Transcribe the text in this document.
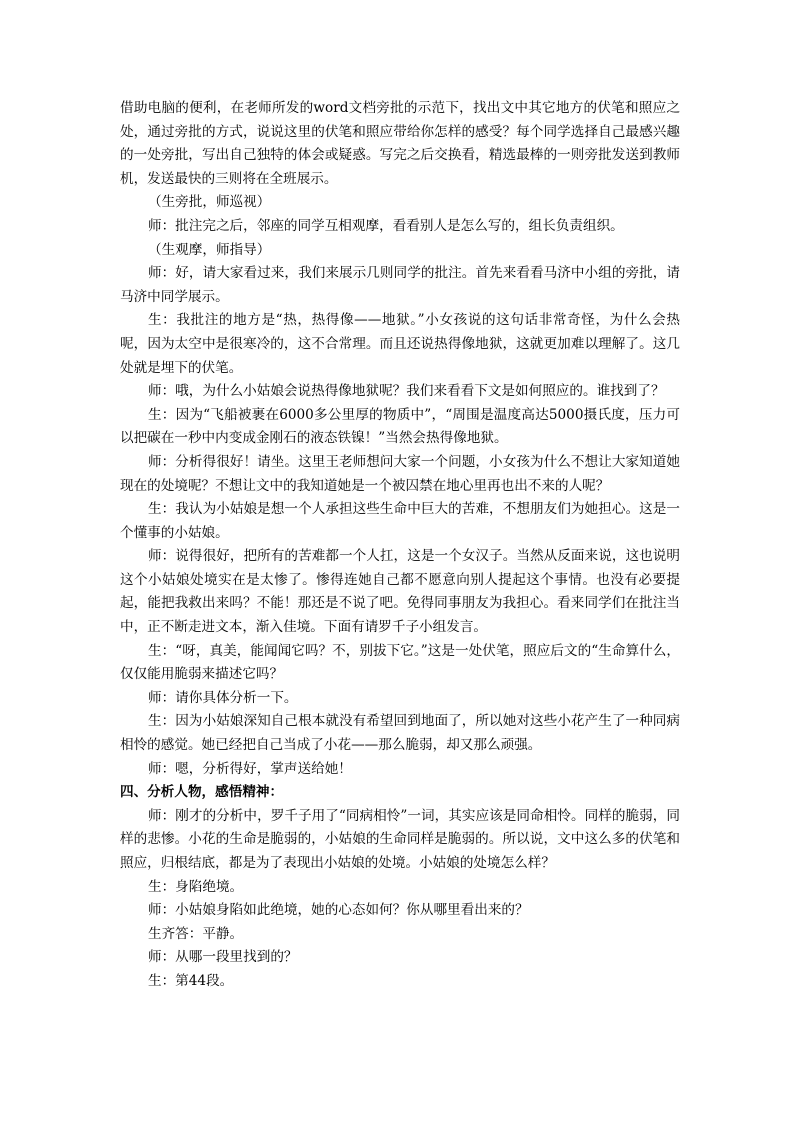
借助电脑的便利，在老师所发的word文档旁批的示范下，找出文中其它地方的伏笔和照应之处，通过旁批的方式，说说这里的伏笔和照应带给你怎样的感受？每个同学选择自己最感兴趣的一处旁批，写出自己独特的体会或疑惑。写完之后交换看，精选最棒的一则旁批发送到教师机，发送最快的三则将在全班展示。

（生旁批，师巡视）

师：批注完之后，邻座的同学互相观摩，看看别人是怎么写的，组长负责组织。

（生观摩，师指导）

师：好，请大家看过来，我们来展示几则同学的批注。首先来看看马济中小组的旁批，请马济中同学展示。

生：我批注的地方是“热，热得像——地狱。”小女孩说的这句话非常奇怪，为什么会热呢，因为太空中是很寒冷的，这不合常理。而且还说热得像地狱，这就更加难以理解了。这几处就是埋下的伏笔。

师：哦，为什么小姑娘会说热得像地狱呢？我们来看看下文是如何照应的。谁找到了？

生：因为“飞船被裹在6000多公里厚的物质中”，“周围是温度高达5000摄氏度，压力可以把碳在一秒中内变成金刚石的液态铁镍！”当然会热得像地狱。

师：分析得很好！请坐。这里王老师想问大家一个问题，小女孩为什么不想让大家知道她现在的处境呢？不想让文中的我知道她是一个被囚禁在地心里再也出不来的人呢？

生：我认为小姑娘是想一个人承担这些生命中巨大的苦难，不想朋友们为她担心。这是一个懂事的小姑娘。

师：说得很好，把所有的苦难都一个人扛，这是一个女汉子。当然从反面来说，这也说明这个小姑娘处境实在是太惨了。惨得连她自己都不愿意向别人提起这个事情。也没有必要提起，能把我救出来吗？不能！那还是不说了吧。免得同事朋友为我担心。看来同学们在批注当中，正不断走进文本，渐入佳境。下面有请罗千子小组发言。

生：“呀，真美，能闻闻它吗？不，别拔下它。”这是一处伏笔，照应后文的“生命算什么，仅仅能用脆弱来描述它吗？

师：请你具体分析一下。

生：因为小姑娘深知自己根本就没有希望回到地面了，所以她对这些小花产生了一种同病相怜的感觉。她已经把自己当成了小花——那么脆弱，却又那么顽强。

师：嗯，分析得好，掌声送给她！

四、分析人物，感悟精神：

师：刚才的分析中，罗千子用了“同病相怜”一词，其实应该是同命相怜。同样的脆弱，同样的悲惨。小花的生命是脆弱的，小姑娘的生命同样是脆弱的。所以说，文中这么多的伏笔和照应，归根结底，都是为了表现出小姑娘的处境。小姑娘的处境怎么样？

生：身陷绝境。

师：小姑娘身陷如此绝境，她的心态如何？你从哪里看出来的？

生齐答：平静。

师：从哪一段里找到的？

生：第44段。
